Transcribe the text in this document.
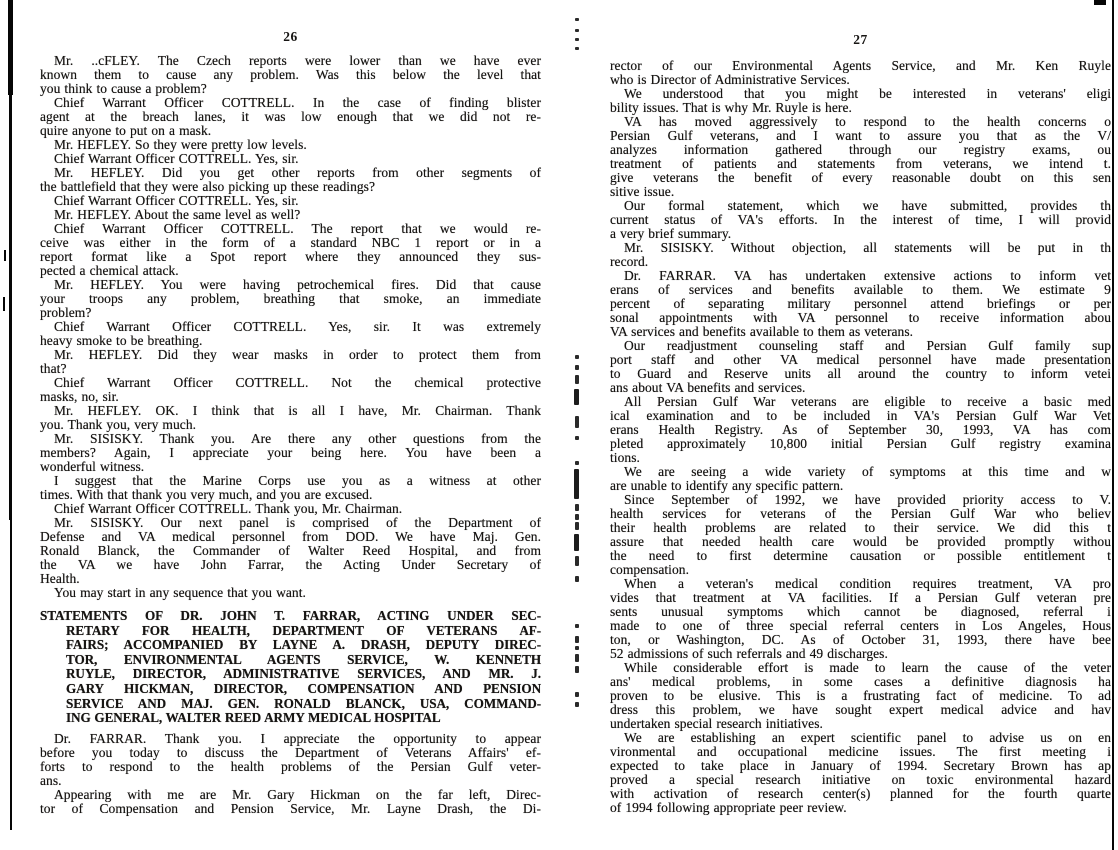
26
Mr. ..cFLEY. The Czech reports were lower than we have ever
known them to cause any problem. Was this below the level that
you think to cause a problem?
Chief Warrant Officer COTTRELL. In the case of finding blister
agent at the breach lanes, it was low enough that we did not re-
quire anyone to put on a mask.
Mr. HEFLEY. So they were pretty low levels.
Chief Warrant Officer COTTRELL. Yes, sir.
Mr. HEFLEY. Did you get other reports from other segments of
the battlefield that they were also picking up these readings?
Chief Warrant Officer COTTRELL. Yes, sir.
Mr. HEFLEY. About the same level as well?
Chief Warrant Officer COTTRELL. The report that we would re-
ceive was either in the form of a standard NBC 1 report or in a
report format like a Spot report where they announced they sus-
pected a chemical attack.
Mr. HEFLEY. You were having petrochemical fires. Did that cause
your troops any problem, breathing that smoke, an immediate
problem?
Chief Warrant Officer COTTRELL. Yes, sir. It was extremely
heavy smoke to be breathing.
Mr. HEFLEY. Did they wear masks in order to protect them from
that?
Chief Warrant Officer COTTRELL. Not the chemical protective
masks, no, sir.
Mr. HEFLEY. OK. I think that is all I have, Mr. Chairman. Thank
you. Thank you, very much.
Mr. SISISKY. Thank you. Are there any other questions from the
members? Again, I appreciate your being here. You have been a
wonderful witness.
I suggest that the Marine Corps use you as a witness at other
times. With that thank you very much, and you are excused.
Chief Warrant Officer COTTRELL. Thank you, Mr. Chairman.
Mr. SISISKY. Our next panel is comprised of the Department of
Defense and VA medical personnel from DOD. We have Maj. Gen.
Ronald Blanck, the Commander of Walter Reed Hospital, and from
the VA we have John Farrar, the Acting Under Secretary of
Health.
You may start in any sequence that you want.
STATEMENTS OF DR. JOHN T. FARRAR, ACTING UNDER SEC-
RETARY FOR HEALTH, DEPARTMENT OF VETERANS AF-
FAIRS; ACCOMPANIED BY LAYNE A. DRASH, DEPUTY DIREC-
TOR, ENVIRONMENTAL AGENTS SERVICE, W. KENNETH
RUYLE, DIRECTOR, ADMINISTRATIVE SERVICES, AND MR. J.
GARY HICKMAN, DIRECTOR, COMPENSATION AND PENSION
SERVICE AND MAJ. GEN. RONALD BLANCK, USA, COMMAND-
ING GENERAL, WALTER REED ARMY MEDICAL HOSPITAL
Dr. FARRAR. Thank you. I appreciate the opportunity to appear
before you today to discuss the Department of Veterans Affairs' ef-
forts to respond to the health problems of the Persian Gulf veter-
ans.
Appearing with me are Mr. Gary Hickman on the far left, Direc-
tor of Compensation and Pension Service, Mr. Layne Drash, the Di-
27
rector of our Environmental Agents Service, and Mr. Ken Ruyle
who is Director of Administrative Services.
We understood that you might be interested in veterans' eligi
bility issues. That is why Mr. Ruyle is here.
VA has moved aggressively to respond to the health concerns o
Persian Gulf veterans, and I want to assure you that as the V/
analyzes information gathered through our registry exams, ou
treatment of patients and statements from veterans, we intend t.
give veterans the benefit of every reasonable doubt on this sen
sitive issue.
Our formal statement, which we have submitted, provides th
current status of VA's efforts. In the interest of time, I will provid
a very brief summary.
Mr. SISISKY. Without objection, all statements will be put in th
record.
Dr. FARRAR. VA has undertaken extensive actions to inform vet
erans of services and benefits available to them. We estimate 9
percent of separating military personnel attend briefings or per
sonal appointments with VA personnel to receive information abou
VA services and benefits available to them as veterans.
Our readjustment counseling staff and Persian Gulf family sup
port staff and other VA medical personnel have made presentation
to Guard and Reserve units all around the country to inform vetei
ans about VA benefits and services.
All Persian Gulf War veterans are eligible to receive a basic med
ical examination and to be included in VA's Persian Gulf War Vet
erans Health Registry. As of September 30, 1993, VA has com
pleted approximately 10,800 initial Persian Gulf registry examina
tions.
We are seeing a wide variety of symptoms at this time and w
are unable to identify any specific pattern.
Since September of 1992, we have provided priority access to V.
health services for veterans of the Persian Gulf War who believ
their health problems are related to their service. We did this t
assure that needed health care would be provided promptly withou
the need to first determine causation or possible entitlement t
compensation.
When a veteran's medical condition requires treatment, VA pro
vides that treatment at VA facilities. If a Persian Gulf veteran pre
sents unusual symptoms which cannot be diagnosed, referral i
made to one of three special referral centers in Los Angeles, Hous
ton, or Washington, DC. As of October 31, 1993, there have bee
52 admissions of such referrals and 49 discharges.
While considerable effort is made to learn the cause of the veter
ans' medical problems, in some cases a definitive diagnosis ha
proven to be elusive. This is a frustrating fact of medicine. To ad
dress this problem, we have sought expert medical advice and hav
undertaken special research initiatives.
We are establishing an expert scientific panel to advise us on en
vironmental and occupational medicine issues. The first meeting i
expected to take place in January of 1994. Secretary Brown has ap
proved a special research initiative on toxic environmental hazard
with activation of research center(s) planned for the fourth quarte
of 1994 following appropriate peer review.
